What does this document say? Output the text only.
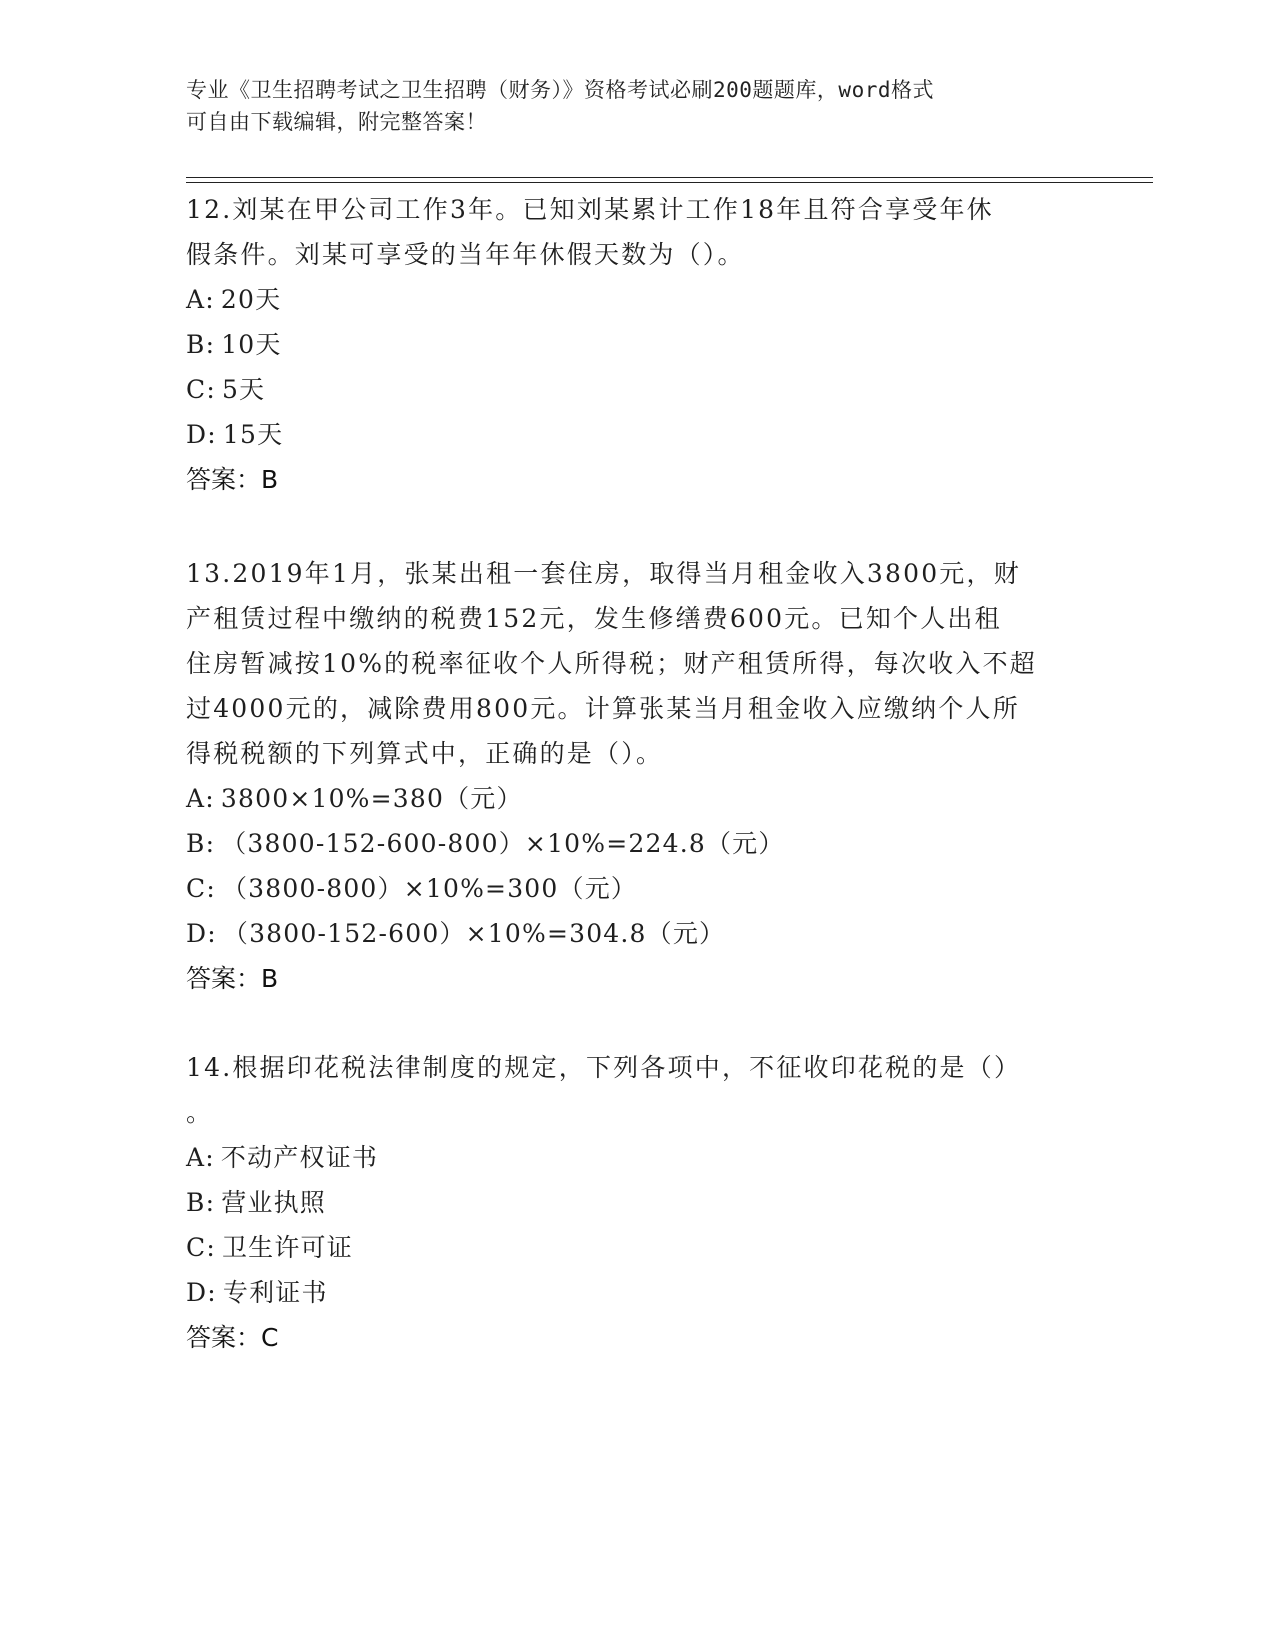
专业《卫生招聘考试之卫生招聘（财务）》资格考试必刷200题题库，word格式
可自由下载编辑，附完整答案！

12.刘某在甲公司工作3年。已知刘某累计工作18年且符合享受年休

假条件。刘某可享受的当年年休假天数为（）。

A: 20天

B: 10天

C: 5天

D: 15天

答案：B

13.2019年1月，张某出租一套住房，取得当月租金收入3800元，财

产租赁过程中缴纳的税费152元，发生修缮费600元。已知个人出租

住房暂减按10%的税率征收个人所得税；财产租赁所得，每次收入不超

过4000元的，减除费用800元。计算张某当月租金收入应缴纳个人所

得税税额的下列算式中，正确的是（）。

A: 3800×10%=380（元）

B: （3800-152-600-800）×10%=224.8（元）

C: （3800-800）×10%=300（元）

D: （3800-152-600）×10%=304.8（元）

答案：B

14.根据印花税法律制度的规定，下列各项中，不征收印花税的是（）

。

A: 不动产权证书

B: 营业执照

C: 卫生许可证

D: 专利证书

答案：C
